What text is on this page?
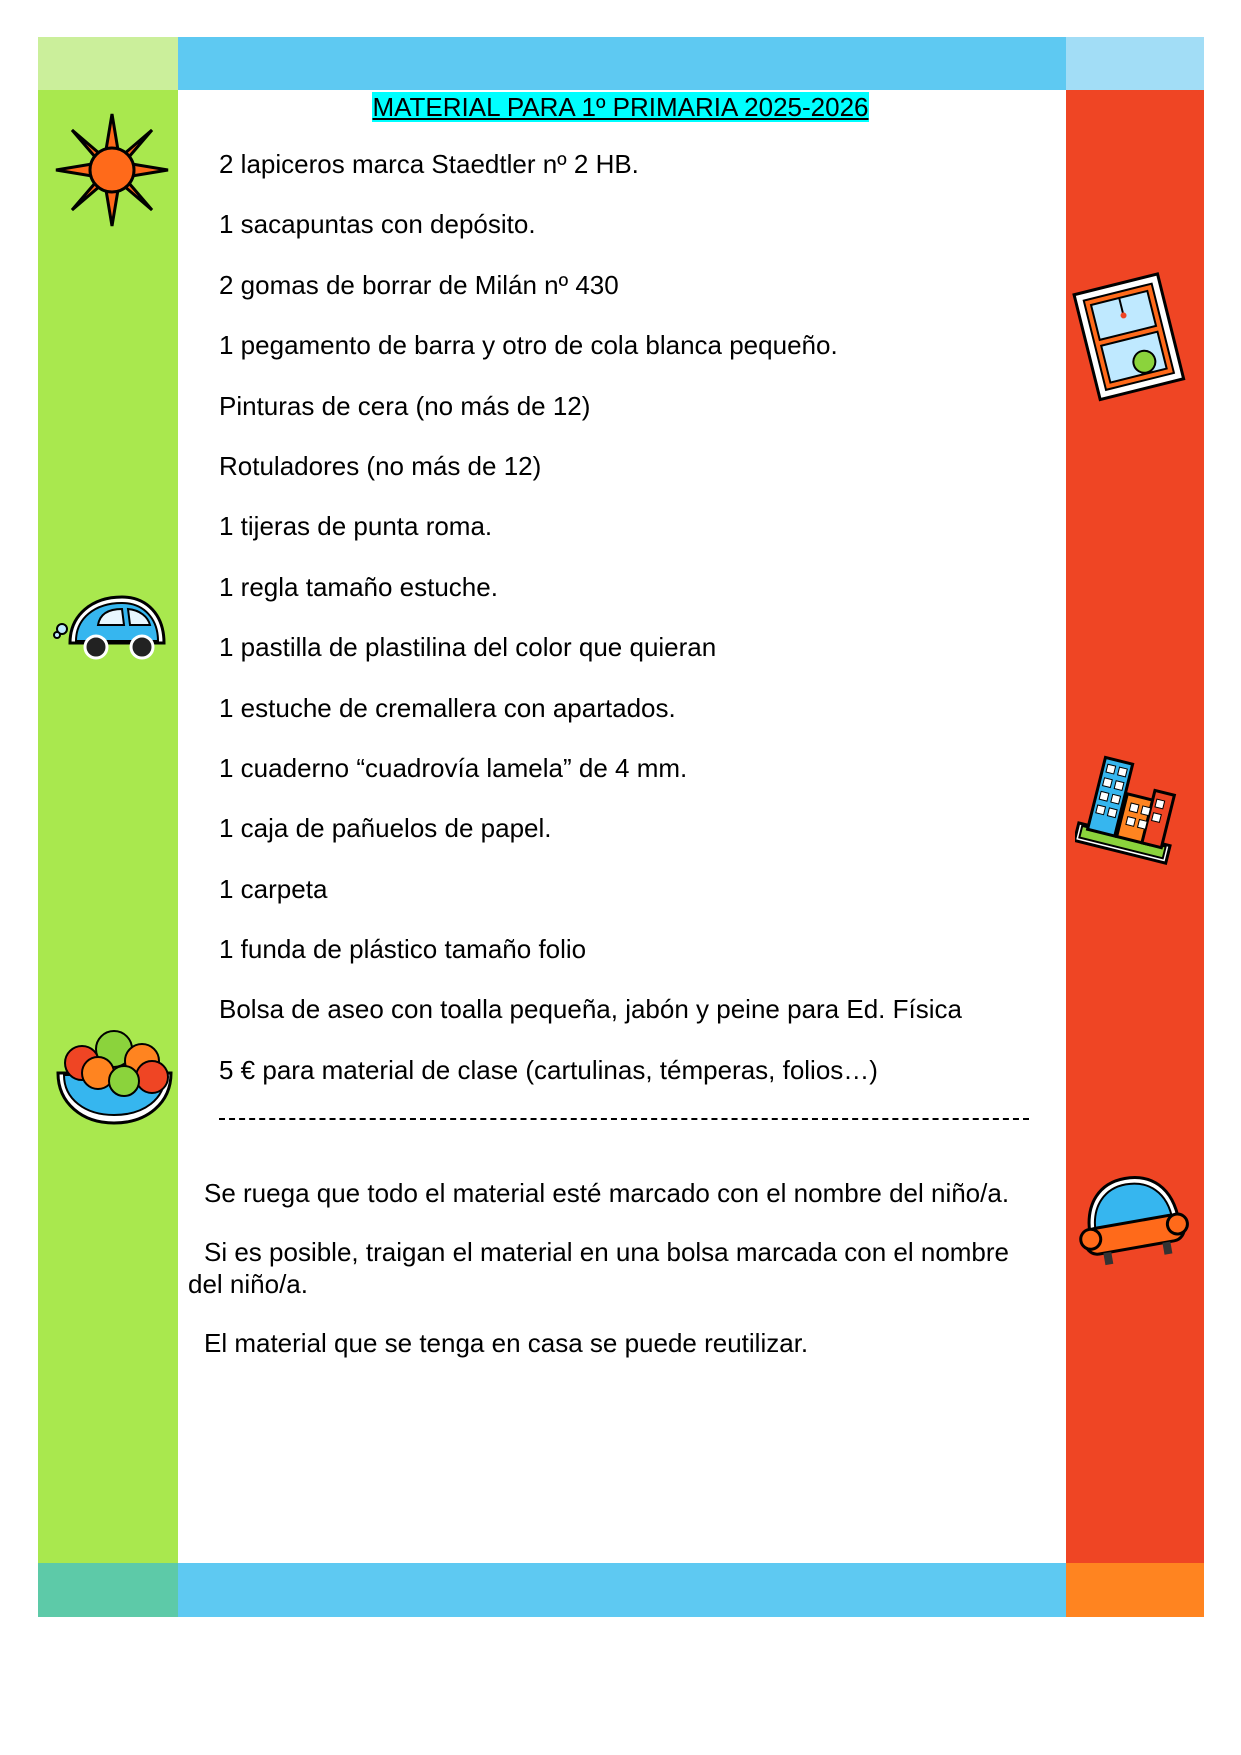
MATERIAL PARA 1º PRIMARIA 2025-2026
2 lapiceros marca Staedtler nº 2 HB.
1 sacapuntas con depósito.
2 gomas de borrar de Milán nº 430
1 pegamento de barra y otro de cola blanca pequeño.
Pinturas de cera (no más de 12)
Rotuladores (no más de 12)
1 tijeras de punta roma.
1 regla tamaño estuche.
1 pastilla de plastilina del color que quieran
1 estuche de cremallera con apartados.
1 cuaderno “cuadrovía lamela” de 4 mm.
1 caja de pañuelos de papel.
1 carpeta
1 funda de plástico tamaño folio
Bolsa de aseo con toalla pequeña, jabón y peine para Ed. Física
5 € para material de clase (cartulinas, témperas, folios…)

Se ruega que todo el material esté marcado con el nombre del niño/a.

Si es posible, traigan el material en una bolsa marcada con el nombre del niño/a.

El material que se tenga en casa se puede reutilizar.
